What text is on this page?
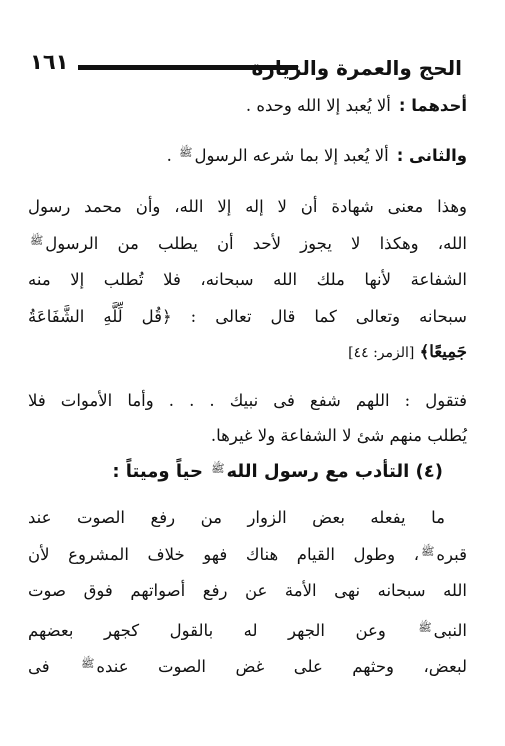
١٦١	الحج والعمرة والزيارة
أحدهما :ألا يُعبد إلا الله وحده .
والثانى :ألا يُعبد إلا بما شرعه الرسولﷺ .
وهذا معنى شهادة أن لا إله إلا الله، وأن محمد رسول
الله، وهكذا لا يجوز لأحد أن يطلب من الرسولﷺ
الشفاعة لأنها ملك الله سبحانه، فلا تُطلب إلا منه
سبحانه وتعالى كما قال تعالى : ﴿قُل لِّلَّهِ الشَّفَاعَةُ
جَمِيعًا﴾ [الزمر: ٤٤]
فتقول : اللهم شفع فى نبيك . . . وأما الأموات فلا
يُطلب منهم شئ لا الشفاعة ولا غيرها.
(٤) التأدب مع رسول اللهﷺ حياً وميتاً :
ما يفعله بعض الزوار من رفع الصوت عند
قبرهﷺ، وطول القيام هناك فهو خلاف المشروع لأن
الله سبحانه نهى الأمة عن رفع أصواتهم فوق صوت
النبىﷺ وعن الجهر له بالقول كجهر بعضهم
لبعض، وحثهم على غض الصوت عندهﷺ فى
